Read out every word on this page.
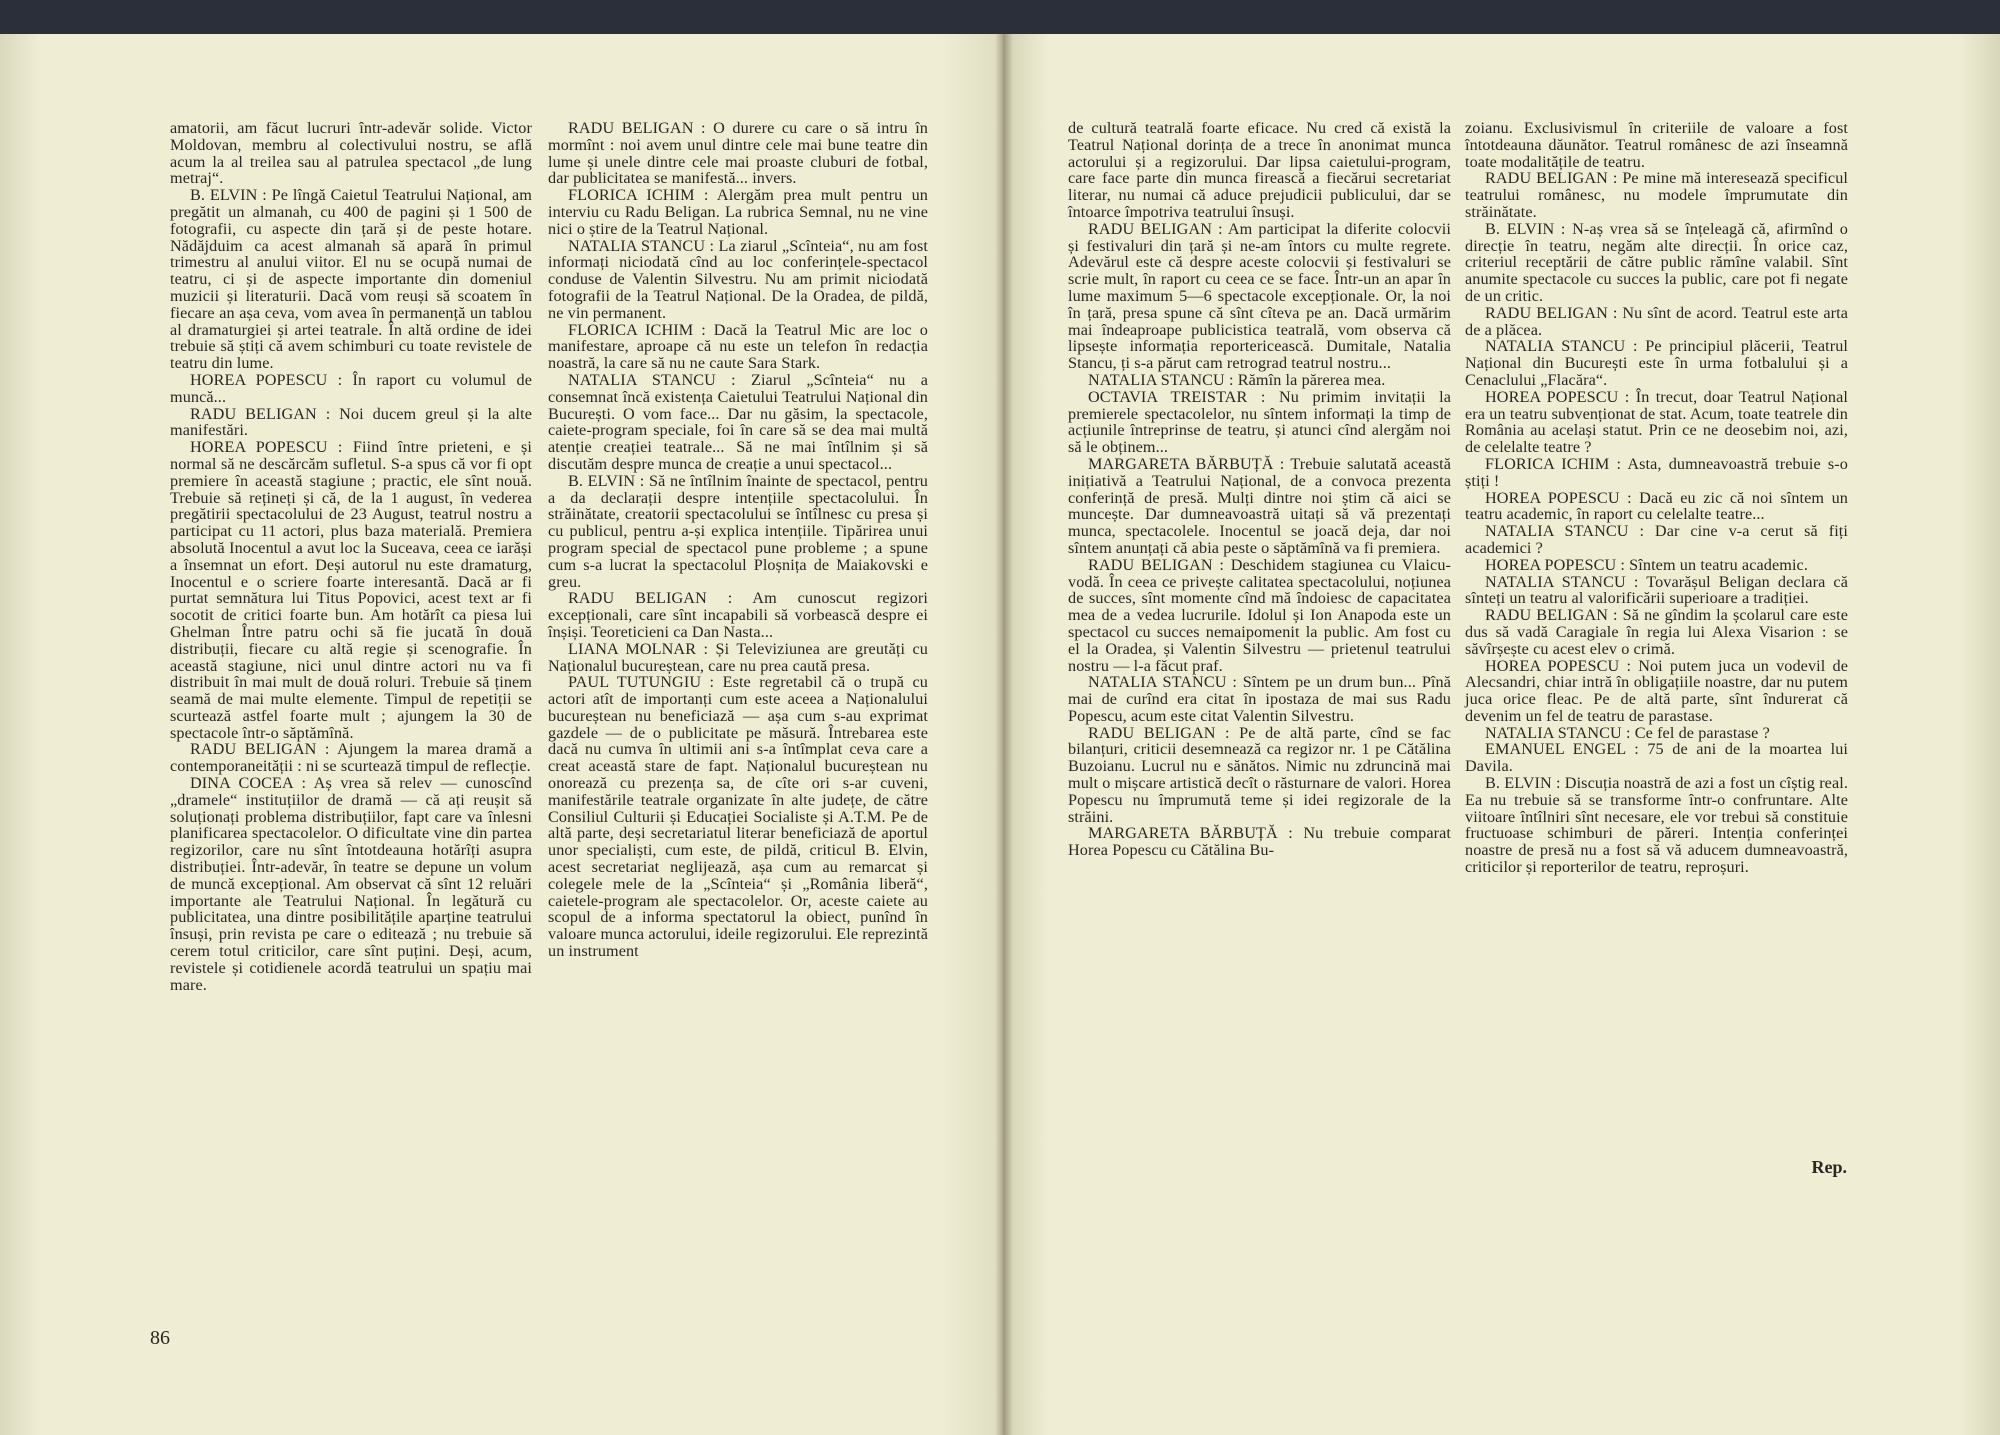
amatorii, am făcut lucruri într-adevăr solide. Victor Moldovan, membru al colectivului nostru, se află acum la al treilea sau al patrulea spectacol „de lung metraj“.

B. ELVIN : Pe lîngă Caietul Teatrului Național, am pregătit un almanah, cu 400 de pagini și 1 500 de fotografii, cu aspecte din țară și de peste hotare. Nădăjduim ca acest almanah să apară în primul trimestru al anului viitor. El nu se ocupă numai de teatru, ci și de aspecte importante din domeniul muzicii și literaturii. Dacă vom reuși să scoatem în fiecare an așa ceva, vom avea în permanență un tablou al dramaturgiei și artei teatrale. În altă ordine de idei trebuie să știți că avem schimburi cu toate revistele de teatru din lume.

HOREA POPESCU : În raport cu volumul de muncă...

RADU BELIGAN : Noi ducem greul și la alte manifestări.

HOREA POPESCU : Fiind între prieteni, e și normal să ne descărcăm sufletul. S-a spus că vor fi opt premiere în această stagiune ; practic, ele sînt nouă. Trebuie să rețineți și că, de la 1 august, în vederea pregătirii spectacolului de 23 August, teatrul nostru a participat cu 11 actori, plus baza materială. Premiera absolută Inocentul a avut loc la Suceava, ceea ce iarăși a însemnat un efort. Deși autorul nu este dramaturg, Inocentul e o scriere foarte interesantă. Dacă ar fi purtat semnătura lui Titus Popovici, acest text ar fi socotit de critici foarte bun. Am hotărît ca piesa lui Ghelman Între patru ochi să fie jucată în două distribuții, fiecare cu altă regie și scenografie. În această stagiune, nici unul dintre actori nu va fi distribuit în mai mult de două roluri. Trebuie să ținem seamă de mai multe elemente. Timpul de repetiții se scurtează astfel foarte mult ; ajungem la 30 de spectacole într-o săptămînă.

RADU BELIGAN : Ajungem la marea dramă a contemporaneității : ni se scurtează timpul de reflecție.

DINA COCEA : Aș vrea să relev — cunoscînd „dramele“ instituțiilor de dramă — că ați reușit să soluționați problema distribuțiilor, fapt care va înlesni planificarea spectacolelor. O dificultate vine din partea regizorilor, care nu sînt întotdeauna hotărîți asupra distribuției. Într-adevăr, în teatre se depune un volum de muncă excepțional. Am observat că sînt 12 reluări importante ale Teatrului Național. În legătură cu publicitatea, una dintre posibilitățile aparține teatrului însuși, prin revista pe care o editează ; nu trebuie să cerem totul criticilor, care sînt puțini. Deși, acum, revistele și cotidienele acordă teatrului un spațiu mai mare.

RADU BELIGAN : O durere cu care o să intru în mormînt : noi avem unul dintre cele mai bune teatre din lume și unele dintre cele mai proaste cluburi de fotbal, dar publicitatea se manifestă... invers.

FLORICA ICHIM : Alergăm prea mult pentru un interviu cu Radu Beligan. La rubrica Semnal, nu ne vine nici o știre de la Teatrul Național.

NATALIA STANCU : La ziarul „Scînteia“, nu am fost informați niciodată cînd au loc conferințele-spectacol conduse de Valentin Silvestru. Nu am primit niciodată fotografii de la Teatrul Național. De la Oradea, de pildă, ne vin permanent.

FLORICA ICHIM : Dacă la Teatrul Mic are loc o manifestare, aproape că nu este un telefon în redacția noastră, la care să nu ne caute Sara Stark.

NATALIA STANCU : Ziarul „Scînteia“ nu a consemnat încă existența Caietului Teatrului Național din București. O vom face... Dar nu găsim, la spectacole, caiete-program speciale, foi în care să se dea mai multă atenție creației teatrale... Să ne mai întîlnim și să discutăm despre munca de creație a unui spectacol...

B. ELVIN : Să ne întîlnim înainte de spectacol, pentru a da declarații despre intențiile spectacolului. În străinătate, creatorii spectacolului se întîlnesc cu presa și cu publicul, pentru a-și explica intențiile. Tipărirea unui program special de spectacol pune probleme ; a spune cum s-a lucrat la spectacolul Ploșnița de Maiakovski e greu.

RADU BELIGAN : Am cunoscut regizori excepționali, care sînt incapabili să vorbească despre ei înșiși. Teoreticieni ca Dan Nasta...

LIANA MOLNAR : Și Televiziunea are greutăți cu Naționalul bucureștean, care nu prea caută presa.

PAUL TUTUNGIU : Este regretabil că o trupă cu actori atît de importanți cum este aceea a Naționalului bucureștean nu beneficiază — așa cum s-au exprimat gazdele — de o publicitate pe măsură. Întrebarea este dacă nu cumva în ultimii ani s-a întîmplat ceva care a creat această stare de fapt. Naționalul bucureștean nu onorează cu prezența sa, de cîte ori s-ar cuveni, manifestările teatrale organizate în alte județe, de către Consiliul Culturii și Educației Socialiste și A.T.M. Pe de altă parte, deși secretariatul literar beneficiază de aportul unor specialiști, cum este, de pildă, criticul B. Elvin, acest secretariat neglijează, așa cum au remarcat și colegele mele de la „Scînteia“ și „România liberă“, caietele-program ale spectacolelor. Or, aceste caiete au scopul de a informa spectatorul la obiect, punînd în valoare munca actorului, ideile regizorului. Ele reprezintă un instrument

86

de cultură teatrală foarte eficace. Nu cred că există la Teatrul Național dorința de a trece în anonimat munca actorului și a regizorului. Dar lipsa caietului-program, care face parte din munca firească a fiecărui secretariat literar, nu numai că aduce prejudicii publicului, dar se întoarce împotriva teatrului însuși.

RADU BELIGAN : Am participat la diferite colocvii și festivaluri din țară și ne-am întors cu multe regrete. Adevărul este că despre aceste colocvii și festivaluri se scrie mult, în raport cu ceea ce se face. Într-un an apar în lume maximum 5—6 spectacole excepționale. Or, la noi în țară, presa spune că sînt cîteva pe an. Dacă urmărim mai îndeaproape publicistica teatrală, vom observa că lipsește informația reportericească. Dumitale, Natalia Stancu, ți s-a părut cam retrograd teatrul nostru...

NATALIA STANCU : Rămîn la părerea mea.

OCTAVIA TREISTAR : Nu primim invitații la premierele spectacolelor, nu sîntem informați la timp de acțiunile întreprinse de teatru, și atunci cînd alergăm noi să le obținem...

MARGARETA BĂRBUȚĂ : Trebuie salutată această inițiativă a Teatrului Național, de a convoca prezenta conferință de presă. Mulți dintre noi știm că aici se muncește. Dar dumneavoastră uitați să vă prezentați munca, spectacolele. Inocentul se joacă deja, dar noi sîntem anunțați că abia peste o săptămînă va fi premiera.

RADU BELIGAN : Deschidem stagiunea cu Vlaicu-vodă. În ceea ce privește calitatea spectacolului, noțiunea de succes, sînt momente cînd mă îndoiesc de capacitatea mea de a vedea lucrurile. Idolul și Ion Anapoda este un spectacol cu succes nemaipomenit la public. Am fost cu el la Oradea, și Valentin Silvestru — prietenul teatrului nostru — l-a făcut praf.

NATALIA STANCU : Sîntem pe un drum bun... Pînă mai de curînd era citat în ipostaza de mai sus Radu Popescu, acum este citat Valentin Silvestru.

RADU BELIGAN : Pe de altă parte, cînd se fac bilanțuri, criticii desemnează ca regizor nr. 1 pe Cătălina Buzoianu. Lucrul nu e sănătos. Nimic nu zdruncină mai mult o mișcare artistică decît o răsturnare de valori. Horea Popescu nu împrumută teme și idei regizorale de la străini.

MARGARETA BĂRBUȚĂ : Nu trebuie comparat Horea Popescu cu Cătălina Bu-

zoianu. Exclusivismul în criteriile de valoare a fost întotdeauna dăunător. Teatrul românesc de azi înseamnă toate modalitățile de teatru.

RADU BELIGAN : Pe mine mă interesează specificul teatrului românesc, nu modele împrumutate din străinătate.

B. ELVIN : N-aș vrea să se înțeleagă că, afirmînd o direcție în teatru, negăm alte direcții. În orice caz, criteriul receptării de către public rămîne valabil. Sînt anumite spectacole cu succes la public, care pot fi negate de un critic.

RADU BELIGAN : Nu sînt de acord. Teatrul este arta de a plăcea.

NATALIA STANCU : Pe principiul plăcerii, Teatrul Național din București este în urma fotbalului și a Cenaclului „Flacăra“.

HOREA POPESCU : În trecut, doar Teatrul Național era un teatru subvenționat de stat. Acum, toate teatrele din România au același statut. Prin ce ne deosebim noi, azi, de celelalte teatre ?

FLORICA ICHIM : Asta, dumneavoastră trebuie s-o știți !

HOREA POPESCU : Dacă eu zic că noi sîntem un teatru academic, în raport cu celelalte teatre...

NATALIA STANCU : Dar cine v-a cerut să fiți academici ?

HOREA POPESCU : Sîntem un teatru academic.

NATALIA STANCU : Tovarășul Beligan declara că sînteți un teatru al valorificării superioare a tradiției.

RADU BELIGAN : Să ne gîndim la școlarul care este dus să vadă Caragiale în regia lui Alexa Visarion : se săvîrșește cu acest elev o crimă.

HOREA POPESCU : Noi putem juca un vodevil de Alecsandri, chiar intră în obligațiile noastre, dar nu putem juca orice fleac. Pe de altă parte, sînt îndurerat că devenim un fel de teatru de parastase.

NATALIA STANCU : Ce fel de parastase ?

EMANUEL ENGEL : 75 de ani de la moartea lui Davila.

B. ELVIN : Discuția noastră de azi a fost un cîștig real. Ea nu trebuie să se transforme într-o confruntare. Alte viitoare întîlniri sînt necesare, ele vor trebui să constituie fructuoase schimburi de păreri. Intenția conferinței noastre de presă nu a fost să vă aducem dumneavoastră, criticilor și reporterilor de teatru, reproșuri.

Rep.
